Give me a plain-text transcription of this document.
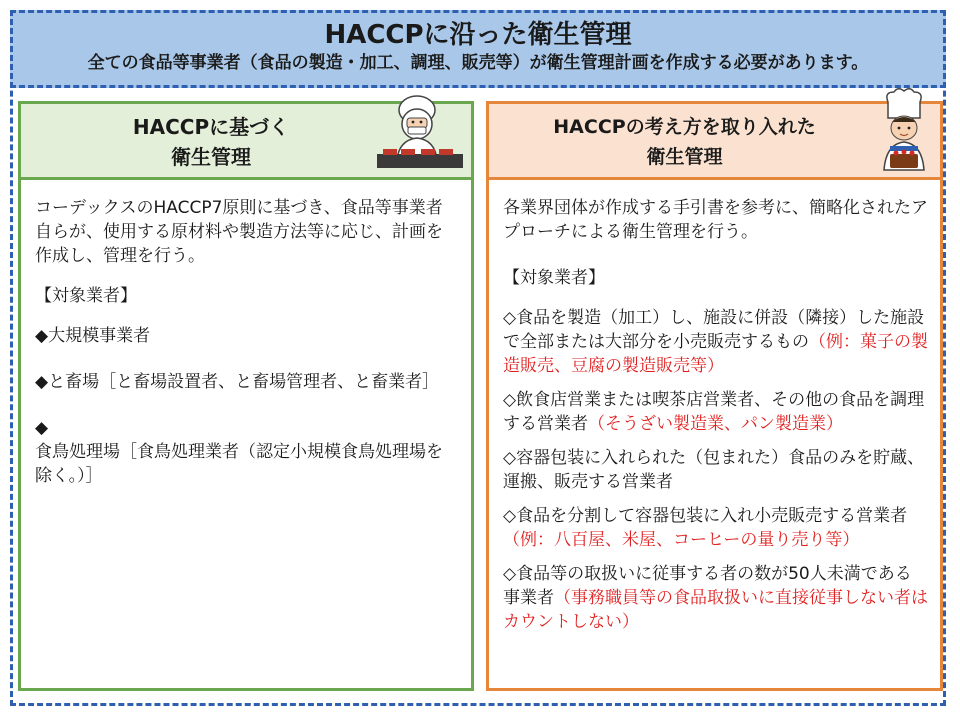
HACCPに沿った衛生管理
全ての食品等事業者（食品の製造・加工、調理、販売等）が衛生管理計画を作成する必要があります。
HACCPに基づく
衛生管理

コーデックスのHACCP7原則に基づき、食品等事業者自らが、使用する原材料や製造方法等に応じ、計画を作成し、管理を行う。

【対象業者】

◆大規模事業者

◆と畜場［と畜場設置者、と畜場管理者、と畜業者］

◆

食鳥処理場［食鳥処理業者（認定小規模食鳥処理場を除く。）］

HACCPの考え方を取り入れた
衛生管理

各業界団体が作成する手引書を参考に、簡略化されたアプローチによる衛生管理を行う。

【対象業者】

◇食品を製造（加工）し、施設に併設（隣接）した施設で全部または大部分を小売販売するもの（例：菓子の製造販売、豆腐の製造販売等）

◇飲食店営業または喫茶店営業者、その他の食品を調理する営業者（そうざい製造業、パン製造業）

◇容器包装に入れられた（包まれた）食品のみを貯蔵、運搬、販売する営業者

◇食品を分割して容器包装に入れ小売販売する営業者（例：八百屋、米屋、コーヒーの量り売り等）

◇食品等の取扱いに従事する者の数が50人未満である事業者（事務職員等の食品取扱いに直接従事しない者はカウントしない）
